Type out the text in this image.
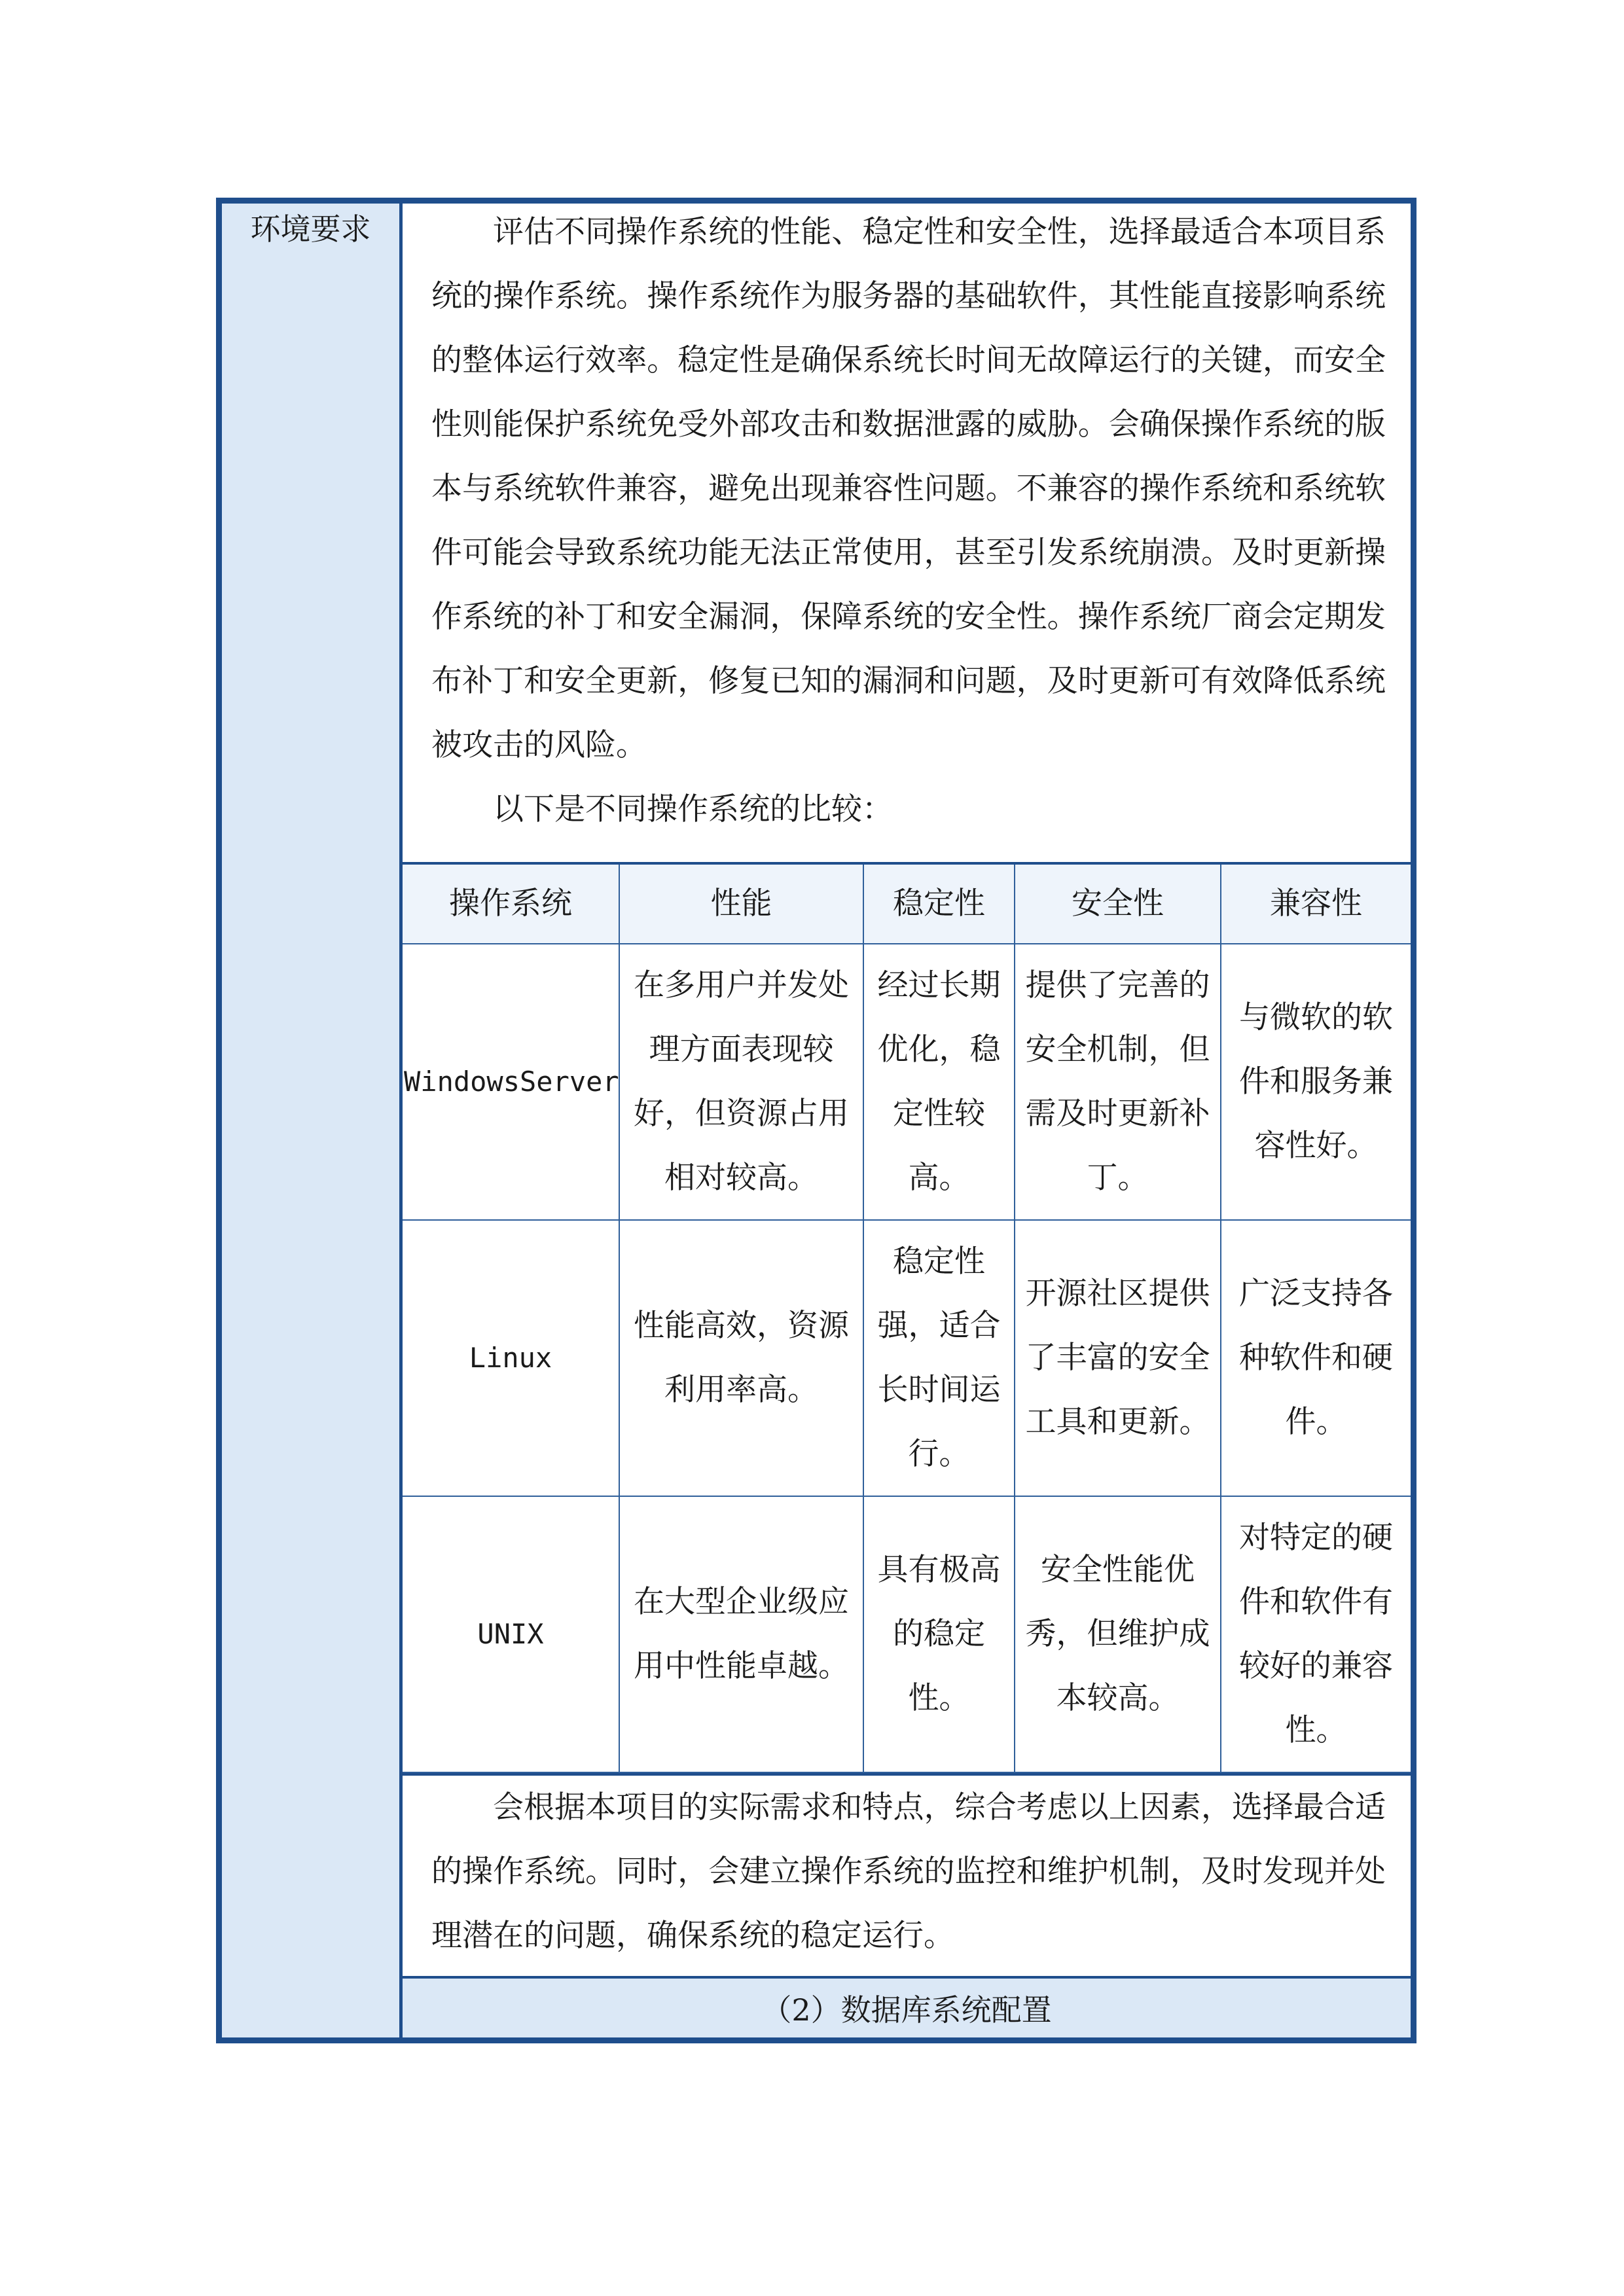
环境要求	评估不同操作系统的性能、稳定性和安全性，选择最适合本项目系统的操作系统。操作系统作为服务器的基础软件，其性能直接影响系统的整体运行效率。稳定性是确保系统长时间无故障运行的关键，而安全性则能保护系统免受外部攻击和数据泄露的威胁。会确保操作系统的版本与系统软件兼容，避免出现兼容性问题。不兼容的操作系统和系统软件可能会导致系统功能无法正常使用，甚至引发系统崩溃。及时更新操作系统的补丁和安全漏洞，保障系统的安全性。操作系统厂商会定期发布补丁和安全更新，修复已知的漏洞和问题，及时更新可有效降低系统被攻击的风险。

以下是不同操作系统的比较：

操作系统	性能	稳定性	安全性	兼容性
WindowsServer	在多用户并发处理方面表现较好，但资源占用相对较高。	经过长期优化，稳定性较高。	提供了完善的安全机制，但需及时更新补丁。	与微软的软件和服务兼容性好。
Linux	性能高效，资源利用率高。	稳定性强，适合长时间运行。	开源社区提供了丰富的安全工具和更新。	广泛支持各种软件和硬件。
UNIX	在大型企业级应用中性能卓越。	具有极高的稳定性。	安全性能优秀，但维护成本较高。	对特定的硬件和软件有较好的兼容性。

会根据本项目的实际需求和特点，综合考虑以上因素，选择最合适的操作系统。同时，会建立操作系统的监控和维护机制，及时发现并处理潜在的问题，确保系统的稳定运行。

（2）数据库系统配置
